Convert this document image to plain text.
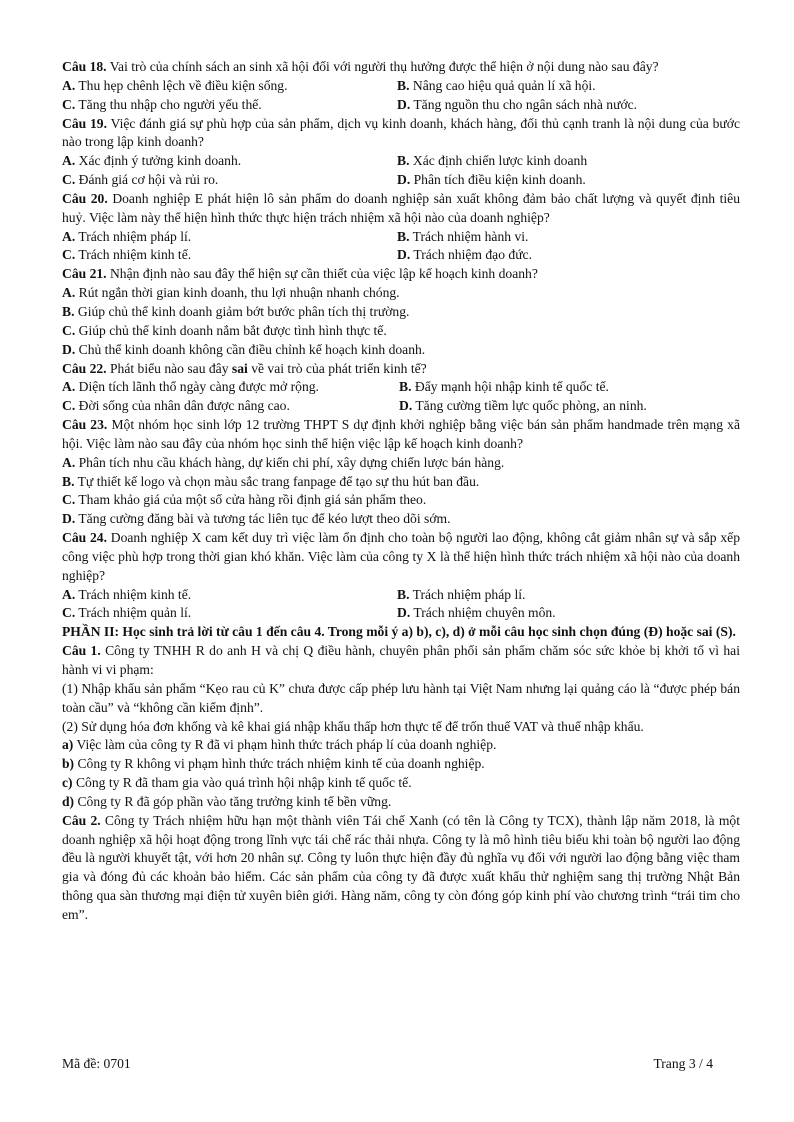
Câu 18. Vai trò của chính sách an sinh xã hội đối với người thụ hưởng được thể hiện ở nội dung nào sau đây?

A. Thu hẹp chênh lệch về điều kiện sống.	B. Nâng cao hiệu quả quản lí xã hội.
C. Tăng thu nhập cho người yếu thế.	D. Tăng nguồn thu cho ngân sách nhà nước.

Câu 19. Việc đánh giá sự phù hợp của sản phẩm, dịch vụ kinh doanh, khách hàng, đối thủ cạnh tranh là nội dung của bước nào trong lập kinh doanh?

A. Xác định ý tưởng kinh doanh.	B. Xác định chiến lược kinh doanh
C. Đánh giá cơ hội và rủi ro.	D. Phân tích điều kiện kinh doanh.

Câu 20. Doanh nghiệp E phát hiện lô sản phẩm do doanh nghiệp sản xuất không đảm bảo chất lượng và quyết định tiêu huỷ. Việc làm này thể hiện hình thức thực hiện trách nhiệm xã hội nào của doanh nghiệp?

A. Trách nhiệm pháp lí.	B. Trách nhiệm hành vi.
C. Trách nhiệm kinh tế.	D. Trách nhiệm đạo đức.

Câu 21. Nhận định nào sau đây thể hiện sự cần thiết của việc lập kế hoạch kinh doanh?

A. Rút ngắn thời gian kinh doanh, thu lợi nhuận nhanh chóng.
B. Giúp chủ thể kinh doanh giảm bớt bước phân tích thị trường.
C. Giúp chủ thể kinh doanh nắm bắt được tình hình thực tế.
D. Chủ thể kinh doanh không cần điều chỉnh kế hoạch kinh doanh.

Câu 22. Phát biểu nào sau đây sai về vai trò của phát triển kinh tế?

A. Diện tích lãnh thổ ngày càng được mở rộng.	B. Đẩy mạnh hội nhập kinh tế quốc tế.
C. Đời sống của nhân dân được nâng cao.	D. Tăng cường tiềm lực quốc phòng, an ninh.

Câu 23. Một nhóm học sinh lớp 12 trường THPT S dự định khởi nghiệp bằng việc bán sản phẩm handmade trên mạng xã hội. Việc làm nào sau đây của nhóm học sinh thể hiện việc lập kế hoạch kinh doanh?

A. Phân tích nhu cầu khách hàng, dự kiến chi phí, xây dựng chiến lược bán hàng.
B. Tự thiết kế logo và chọn màu sắc trang fanpage để tạo sự thu hút ban đầu.
C. Tham khảo giá của một số cửa hàng rồi định giá sản phẩm theo.
D. Tăng cường đăng bài và tương tác liên tục để kéo lượt theo dõi sớm.

Câu 24. Doanh nghiệp X cam kết duy trì việc làm ổn định cho toàn bộ người lao động, không cắt giảm nhân sự và sắp xếp công việc phù hợp trong thời gian khó khăn. Việc làm của công ty X là thể hiện hình thức trách nhiệm xã hội nào của doanh nghiệp?

A. Trách nhiệm kinh tế.	B. Trách nhiệm pháp lí.
C. Trách nhiệm quản lí.	D. Trách nhiệm chuyên môn.

PHẦN II: Học sinh trả lời từ câu 1 đến câu 4. Trong mỗi ý a) b), c), d) ở mỗi câu học sinh chọn đúng (Đ) hoặc sai (S).

Câu 1. Công ty TNHH R do anh H và chị Q điều hành, chuyên phân phối sản phẩm chăm sóc sức khỏe bị khởi tố vì hai hành vi vi phạm:

(1) Nhập khẩu sản phẩm “Kẹo rau củ K” chưa được cấp phép lưu hành tại Việt Nam nhưng lại quảng cáo là “được phép bán toàn cầu” và “không cần kiểm định”.

(2) Sử dụng hóa đơn khống và kê khai giá nhập khẩu thấp hơn thực tế để trốn thuế VAT và thuế nhập khẩu.

a) Việc làm của công ty R đã vi phạm hình thức trách pháp lí của doanh nghiệp.
b) Công ty R không vi phạm hình thức trách nhiệm kinh tế của doanh nghiệp.
c) Công ty R đã tham gia vào quá trình hội nhập kinh tế quốc tế.
d) Công ty R đã góp phần vào tăng trưởng kinh tế bền vững.

Câu 2. Công ty Trách nhiệm hữu hạn một thành viên Tái chế Xanh (có tên là Công ty TCX), thành lập năm 2018, là một doanh nghiệp xã hội hoạt động trong lĩnh vực tái chế rác thải nhựa. Công ty là mô hình tiêu biểu khi toàn bộ người lao động đều là người khuyết tật, với hơn 20 nhân sự. Công ty luôn thực hiện đầy đủ nghĩa vụ đối với người lao động bằng việc tham gia và đóng đủ các khoản bảo hiểm. Các sản phẩm của công ty đã được xuất khẩu thử nghiệm sang thị trường Nhật Bản thông qua sàn thương mại điện tử xuyên biên giới. Hàng năm, công ty còn đóng góp kinh phí vào chương trình “trái tim cho em”.

Mã đề: 0701	Trang 3 / 4
